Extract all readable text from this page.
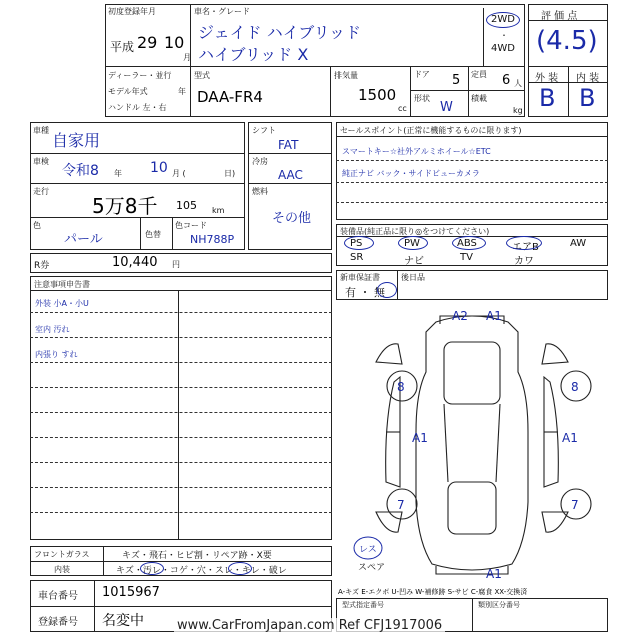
初度登録年月
平成 29 10
月
車名・グレード
ジェイド ハイブリッド
ハイブリッド X
2WD
・
4WD
ディーラー・並行
モデル年式	年
ハンドル 左・右
型式
DAA-FR4
排気量
1500
cc
ドア 5 定員 6 人
形状
W
積載
kg
評 価 点
(4.5)
外 装 内 装
B B
車種
自家用
車検
令和8 年 10 月 (	日)
走行
5万8千 105 km
色
パール	色替
色コード
NH788P
シフト
FAT
冷房
AAC
燃料
その他
R券	10,440 円
セールスポイント(正常に機能するものに限ります)
スマートキー☆社外アルミホイール☆ETC
純正ナビ バック・サイドビューカメラ
装備品(純正品に限り◎をつけてください)
PS	PW	ABS	エアB	AW
SR	ナビ	TV	カワ
新車保証書
有 ・ 無
後日品
注意事項申告書
外装 小A・小U
室内 汚れ
内張り すれ
A2 A1
8	8
A1	A1
7	7
A1
レス
スペア
フロントガラス	キズ・飛石・ヒビ割・リペア跡・X要
内装	キズ・汚レ・コゲ・穴・スレ・キレ・破レ
A-キズ E-エクボ U-凹み W-補修跡 S-サビ C-腐食 XX-交換済
車台番号 1015967
登録番号 名変中
型式指定番号	類別区分番号
www.CarFromJapan.com Ref CFJ1917006
